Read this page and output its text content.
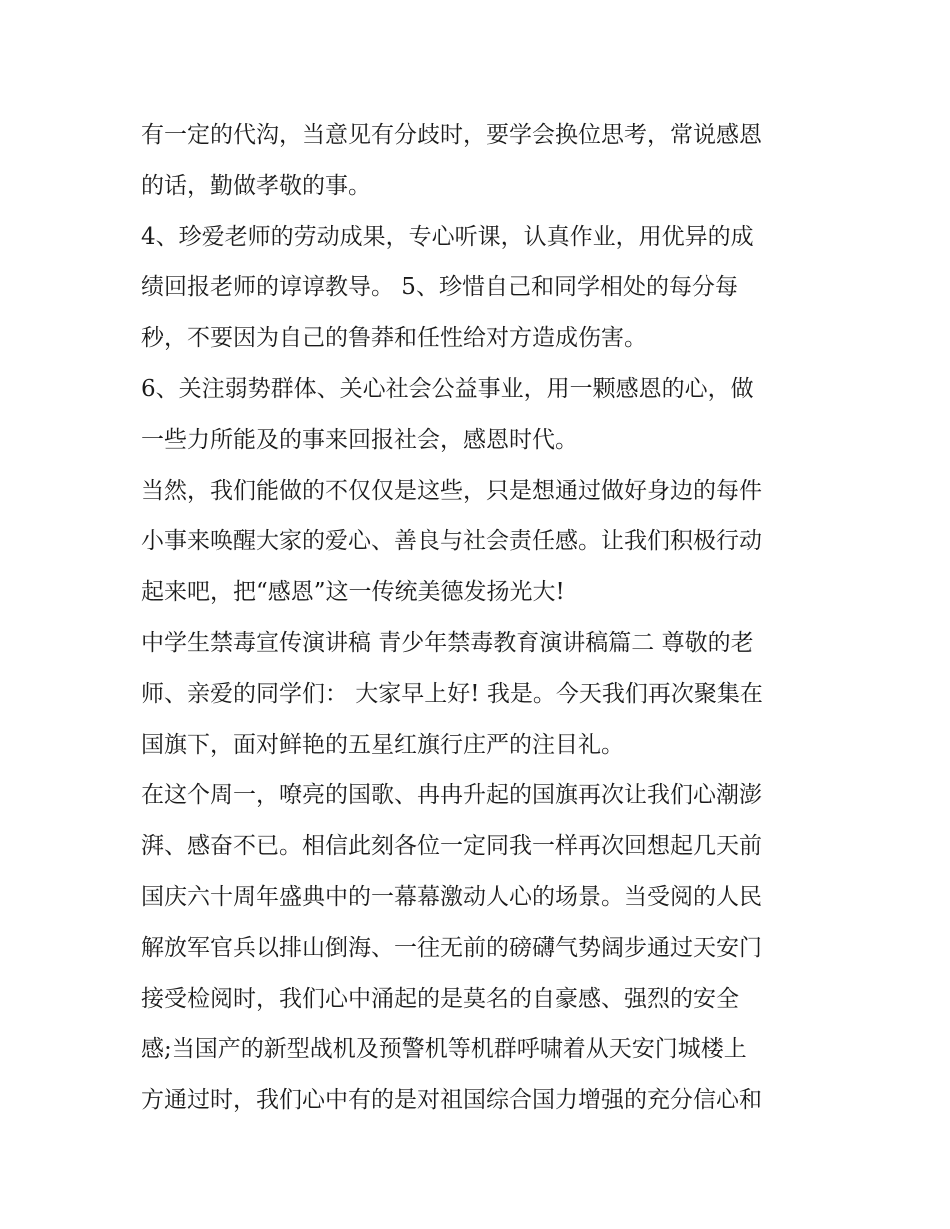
有一定的代沟，当意见有分歧时，要学会换位思考，常说感恩
的话，勤做孝敬的事。
4、珍爱老师的劳动成果，专心听课，认真作业，用优异的成
绩回报老师的谆谆教导。 5、珍惜自己和同学相处的每分每
秒，不要因为自己的鲁莽和任性给对方造成伤害。
6、关注弱势群体、关心社会公益事业，用一颗感恩的心，做
一些力所能及的事来回报社会，感恩时代。
当然，我们能做的不仅仅是这些，只是想通过做好身边的每件
小事来唤醒大家的爱心、善良与社会责任感。让我们积极行动
起来吧，把“感恩”这一传统美德发扬光大!
中学生禁毒宣传演讲稿 青少年禁毒教育演讲稿篇二 尊敬的老
师、亲爱的同学们： 大家早上好! 我是。今天我们再次聚集在
国旗下，面对鲜艳的五星红旗行庄严的注目礼。
在这个周一，嘹亮的国歌、冉冉升起的国旗再次让我们心潮澎
湃、感奋不已。相信此刻各位一定同我一样再次回想起几天前
国庆六十周年盛典中的一幕幕激动人心的场景。当受阅的人民
解放军官兵以排山倒海、一往无前的磅礴气势阔步通过天安门
接受检阅时，我们心中涌起的是莫名的自豪感、强烈的安全
感;当国产的新型战机及预警机等机群呼啸着从天安门城楼上
方通过时，我们心中有的是对祖国综合国力增强的充分信心和
